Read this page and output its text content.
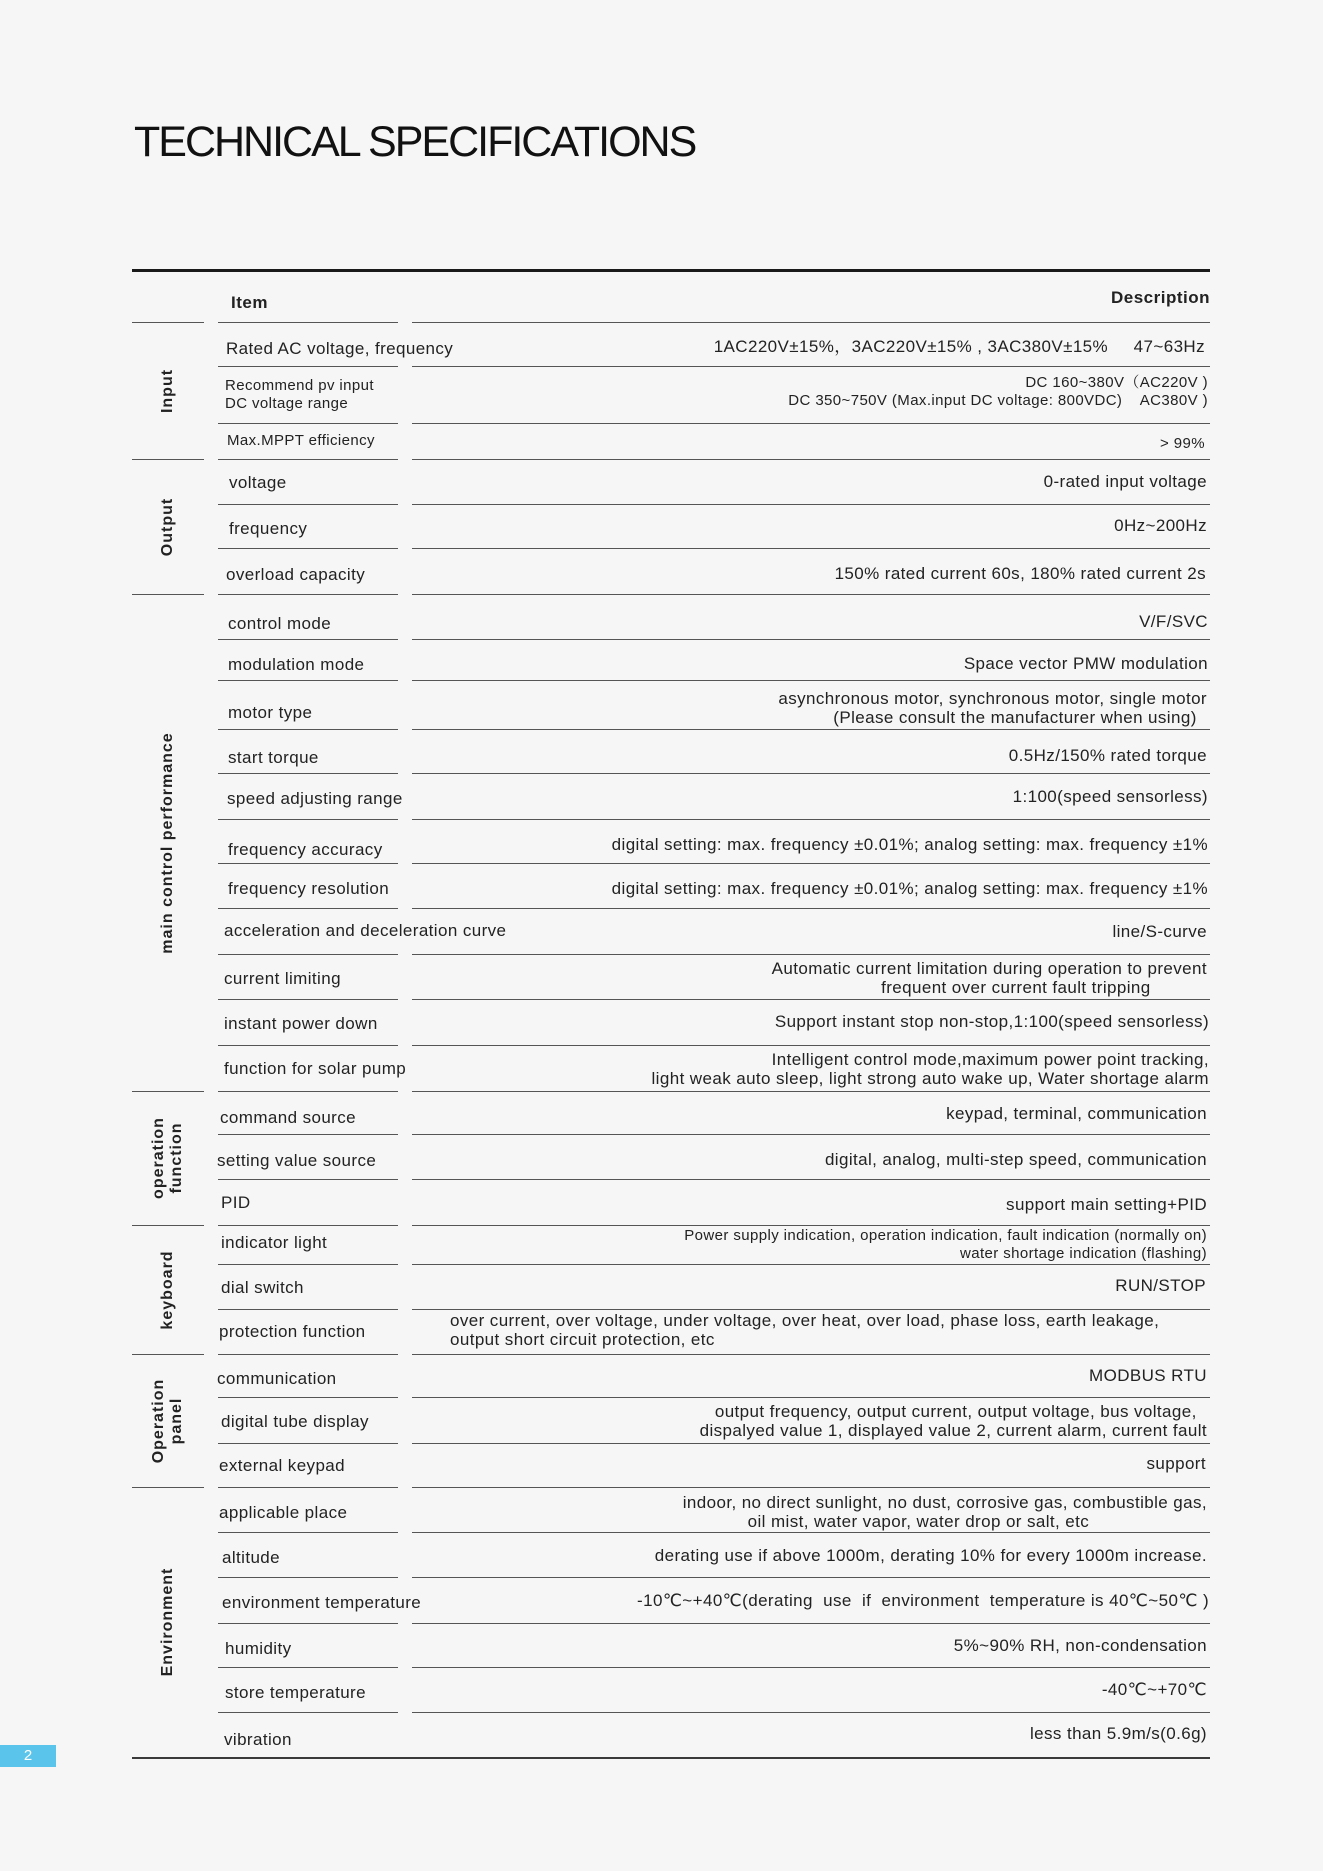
TECHNICAL SPECIFICATIONS
Item	Description
Input
Output
main control performance
operation
function
keyboard
Operation
panel
Environment
Rated AC voltage, frequency
Recommend pv input
DC voltage range
Max.MPPT efficiency
voltage
frequency
overload capacity
control mode
modulation mode
motor type
start torque
speed adjusting range
frequency accuracy
frequency resolution
acceleration and deceleration curve
current limiting
instant power down
function for solar pump
command source
setting value source
PID
indicator light
dial switch
protection function
communication
digital tube display
external keypad
applicable place
altitude
environment temperature
humidity
store temperature
vibration
1AC220V±15%，3AC220V±15% , 3AC380V±15%     47~63Hz
DC 160~380V（AC220V )
DC 350~750V (Max.input DC voltage: 800VDC)    AC380V )
> 99%
0-rated input voltage
0Hz~200Hz
150% rated current 60s, 180% rated current 2s
V/F/SVC
Space vector PMW modulation
asynchronous motor, synchronous motor, single motor
(Please consult the manufacturer when using)
0.5Hz/150% rated torque
1:100(speed sensorless)
digital setting: max. frequency ±0.01%; analog setting: max. frequency ±1%
digital setting: max. frequency ±0.01%; analog setting: max. frequency ±1%
line/S-curve
Automatic current limitation during operation to prevent
frequent over current fault tripping
Support instant stop non-stop,1:100(speed sensorless)
Intelligent control mode,maximum power point tracking,
light weak auto sleep, light strong auto wake up, Water shortage alarm
keypad, terminal, communication
digital, analog, multi-step speed, communication
support main setting+PID
Power supply indication, operation indication, fault indication (normally on)
water shortage indication (flashing)
RUN/STOP
over current, over voltage, under voltage, over heat, over load, phase loss, earth leakage,
output short circuit protection, etc
MODBUS RTU
output frequency, output current, output voltage, bus voltage,
dispalyed value 1, displayed value 2, current alarm, current fault
support
indoor, no direct sunlight, no dust, corrosive gas, combustible gas,
oil mist, water vapor, water drop or salt, etc
derating use if above 1000m, derating 10% for every 1000m increase.
-10℃~+40℃(derating  use  if  environment  temperature is 40℃~50℃ )
5%~90% RH, non-condensation
-40℃~+70℃
less than 5.9m/s(0.6g)
2
